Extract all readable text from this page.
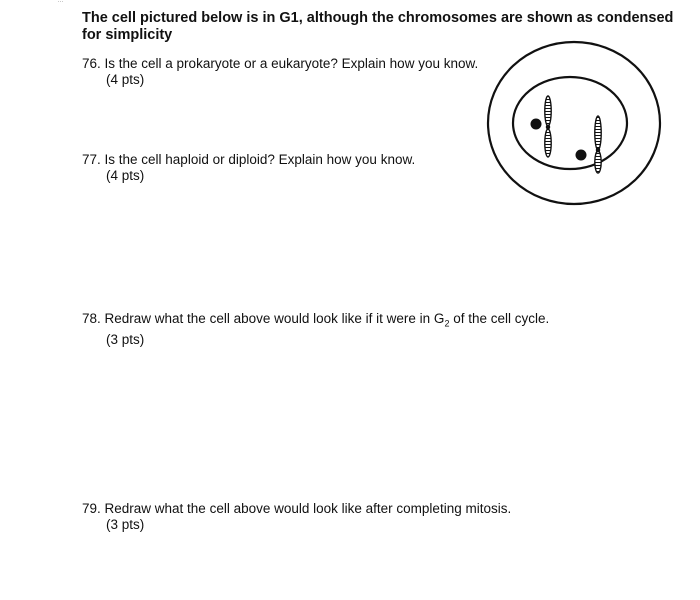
...
The cell pictured below is in G1, although the chromosomes are shown as condensed for simplicity
76. Is the cell a prokaryote or a eukaryote? Explain how you know.
(4 pts)
77. Is the cell haploid or diploid? Explain how you know.
(4 pts)
78. Redraw what the cell above would look like if it were in $G_2$ of the cell cycle.
(3 pts)
79. Redraw what the cell above would look like after completing mitosis.
(3 pts)
